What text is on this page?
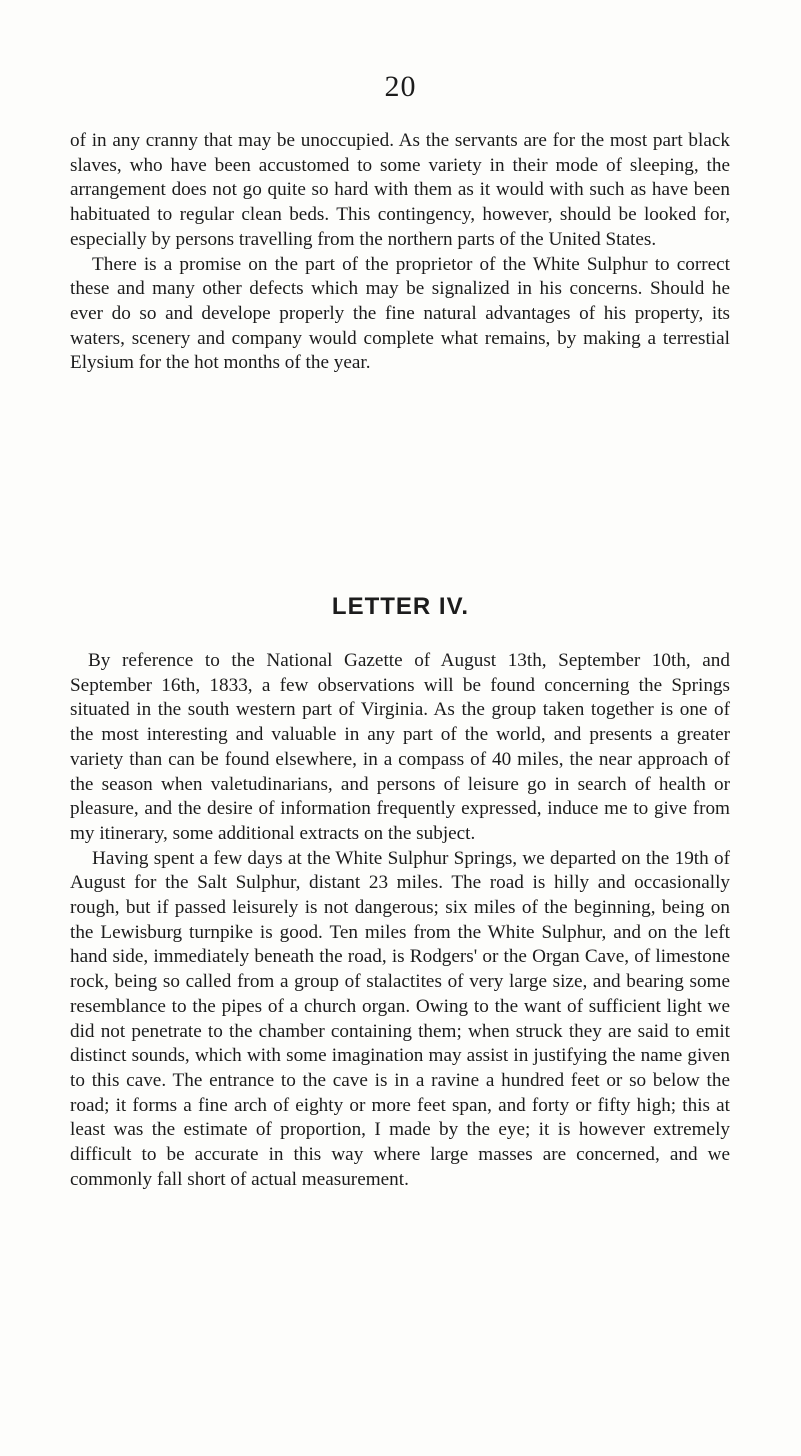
20

of in any cranny that may be unoccupied. As the servants are for the most part black slaves, who have been accustomed to some variety in their mode of sleeping, the arrangement does not go quite so hard with them as it would with such as have been habituated to regular clean beds. This contingency, however, should be looked for, especially by persons travelling from the northern parts of the United States.

There is a promise on the part of the proprietor of the White Sulphur to correct these and many other defects which may be signalized in his concerns. Should he ever do so and develope properly the fine natural advantages of his property, its waters, scenery and company would complete what remains, by making a terrestial Elysium for the hot months of the year.

LETTER IV.

By reference to the National Gazette of August 13th, September 10th, and September 16th, 1833, a few observations will be found concerning the Springs situated in the south western part of Virginia. As the group taken together is one of the most interesting and valuable in any part of the world, and presents a greater variety than can be found elsewhere, in a compass of 40 miles, the near approach of the season when valetudinarians, and persons of leisure go in search of health or pleasure, and the desire of information frequently expressed, induce me to give from my itinerary, some additional extracts on the subject.

Having spent a few days at the White Sulphur Springs, we departed on the 19th of August for the Salt Sulphur, distant 23 miles. The road is hilly and occasionally rough, but if passed leisurely is not dangerous; six miles of the beginning, being on the Lewisburg turnpike is good. Ten miles from the White Sulphur, and on the left hand side, immediately beneath the road, is Rodgers' or the Organ Cave, of limestone rock, being so called from a group of stalactites of very large size, and bearing some resemblance to the pipes of a church organ. Owing to the want of sufficient light we did not penetrate to the chamber containing them; when struck they are said to emit distinct sounds, which with some imagination may assist in justifying the name given to this cave. The entrance to the cave is in a ravine a hundred feet or so below the road; it forms a fine arch of eighty or more feet span, and forty or fifty high; this at least was the estimate of proportion, I made by the eye; it is however extremely difficult to be accurate in this way where large masses are concerned, and we commonly fall short of actual measurement.
